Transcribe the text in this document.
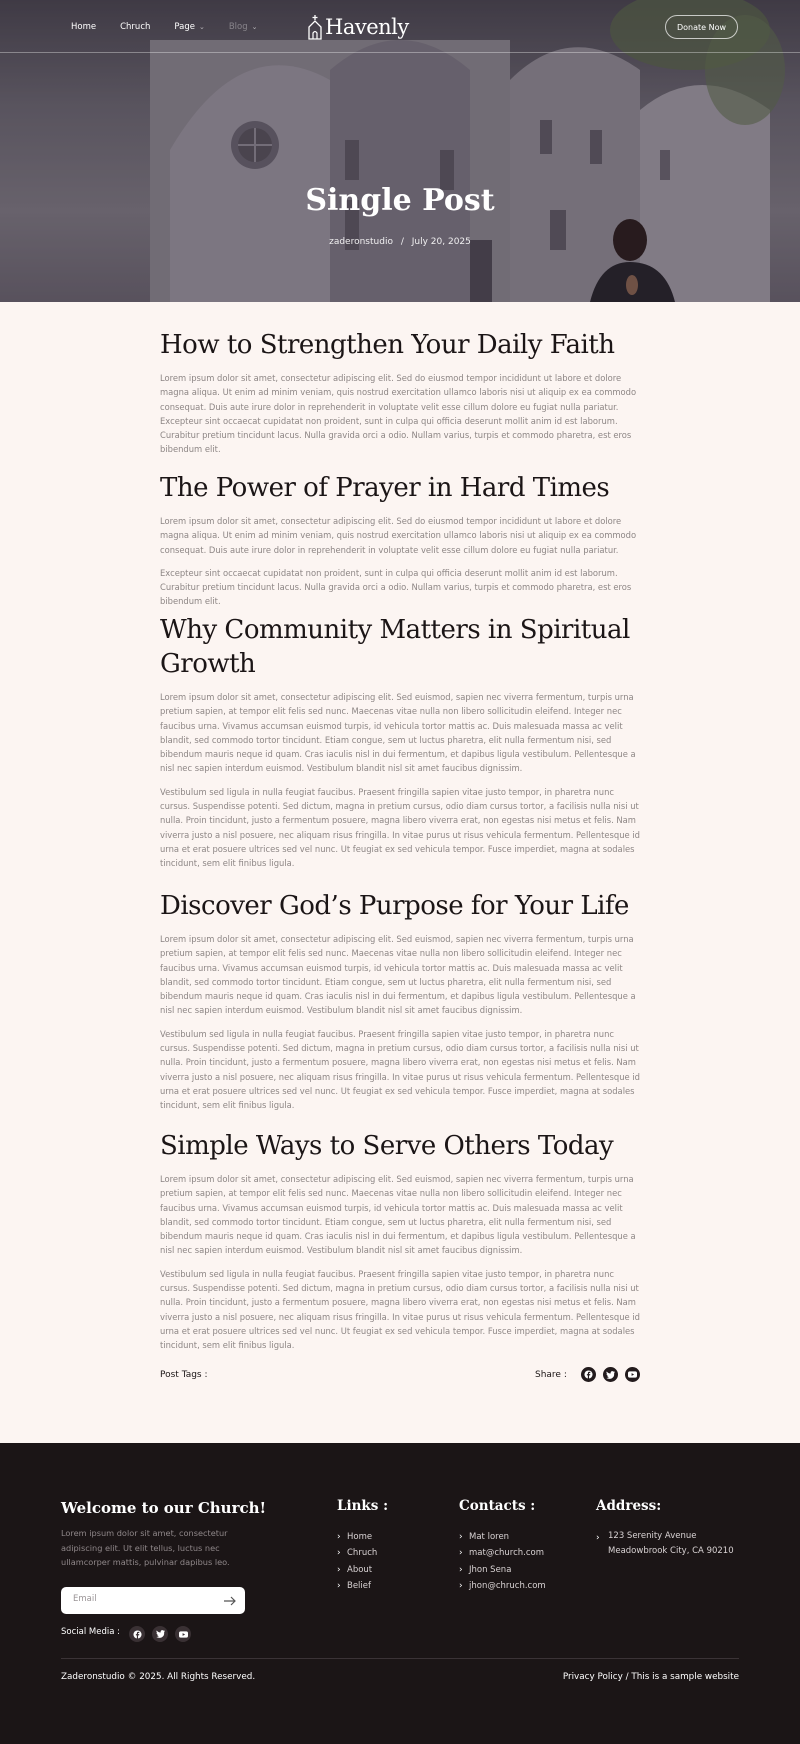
Home	Chruch	Page ⌄	Blog ⌄	Havenly	Donate Now
Single Post
zaderonstudio / July 20, 2025
How to Strengthen Your Daily Faith

Lorem ipsum dolor sit amet, consectetur adipiscing elit. Sed do eiusmod tempor incididunt ut labore et dolore magna aliqua. Ut enim ad minim veniam, quis nostrud exercitation ullamco laboris nisi ut aliquip ex ea commodo consequat. Duis aute irure dolor in reprehenderit in voluptate velit esse cillum dolore eu fugiat nulla pariatur. Excepteur sint occaecat cupidatat non proident, sunt in culpa qui officia deserunt mollit anim id est laborum. Curabitur pretium tincidunt lacus. Nulla gravida orci a odio. Nullam varius, turpis et commodo pharetra, est eros bibendum elit.

The Power of Prayer in Hard Times

Lorem ipsum dolor sit amet, consectetur adipiscing elit. Sed do eiusmod tempor incididunt ut labore et dolore magna aliqua. Ut enim ad minim veniam, quis nostrud exercitation ullamco laboris nisi ut aliquip ex ea commodo consequat. Duis aute irure dolor in reprehenderit in voluptate velit esse cillum dolore eu fugiat nulla pariatur.

Excepteur sint occaecat cupidatat non proident, sunt in culpa qui officia deserunt mollit anim id est laborum. Curabitur pretium tincidunt lacus. Nulla gravida orci a odio. Nullam varius, turpis et commodo pharetra, est eros bibendum elit.

Why Community Matters in Spiritual Growth

Lorem ipsum dolor sit amet, consectetur adipiscing elit. Sed euismod, sapien nec viverra fermentum, turpis urna pretium sapien, at tempor elit felis sed nunc. Maecenas vitae nulla non libero sollicitudin eleifend. Integer nec faucibus urna. Vivamus accumsan euismod turpis, id vehicula tortor mattis ac. Duis malesuada massa ac velit blandit, sed commodo tortor tincidunt. Etiam congue, sem ut luctus pharetra, elit nulla fermentum nisi, sed bibendum mauris neque id quam. Cras iaculis nisl in dui fermentum, et dapibus ligula vestibulum. Pellentesque a nisl nec sapien interdum euismod. Vestibulum blandit nisl sit amet faucibus dignissim.

Vestibulum sed ligula in nulla feugiat faucibus. Praesent fringilla sapien vitae justo tempor, in pharetra nunc cursus. Suspendisse potenti. Sed dictum, magna in pretium cursus, odio diam cursus tortor, a facilisis nulla nisi ut nulla. Proin tincidunt, justo a fermentum posuere, magna libero viverra erat, non egestas nisi metus et felis. Nam viverra justo a nisl posuere, nec aliquam risus fringilla. In vitae purus ut risus vehicula fermentum. Pellentesque id urna et erat posuere ultrices sed vel nunc. Ut feugiat ex sed vehicula tempor. Fusce imperdiet, magna at sodales tincidunt, sem elit finibus ligula.

Discover God’s Purpose for Your Life

Lorem ipsum dolor sit amet, consectetur adipiscing elit. Sed euismod, sapien nec viverra fermentum, turpis urna pretium sapien, at tempor elit felis sed nunc. Maecenas vitae nulla non libero sollicitudin eleifend. Integer nec faucibus urna. Vivamus accumsan euismod turpis, id vehicula tortor mattis ac. Duis malesuada massa ac velit blandit, sed commodo tortor tincidunt. Etiam congue, sem ut luctus pharetra, elit nulla fermentum nisi, sed bibendum mauris neque id quam. Cras iaculis nisl in dui fermentum, et dapibus ligula vestibulum. Pellentesque a nisl nec sapien interdum euismod. Vestibulum blandit nisl sit amet faucibus dignissim.

Vestibulum sed ligula in nulla feugiat faucibus. Praesent fringilla sapien vitae justo tempor, in pharetra nunc cursus. Suspendisse potenti. Sed dictum, magna in pretium cursus, odio diam cursus tortor, a facilisis nulla nisi ut nulla. Proin tincidunt, justo a fermentum posuere, magna libero viverra erat, non egestas nisi metus et felis. Nam viverra justo a nisl posuere, nec aliquam risus fringilla. In vitae purus ut risus vehicula fermentum. Pellentesque id urna et erat posuere ultrices sed vel nunc. Ut feugiat ex sed vehicula tempor. Fusce imperdiet, magna at sodales tincidunt, sem elit finibus ligula.

Simple Ways to Serve Others Today

Lorem ipsum dolor sit amet, consectetur adipiscing elit. Sed euismod, sapien nec viverra fermentum, turpis urna pretium sapien, at tempor elit felis sed nunc. Maecenas vitae nulla non libero sollicitudin eleifend. Integer nec faucibus urna. Vivamus accumsan euismod turpis, id vehicula tortor mattis ac. Duis malesuada massa ac velit blandit, sed commodo tortor tincidunt. Etiam congue, sem ut luctus pharetra, elit nulla fermentum nisi, sed bibendum mauris neque id quam. Cras iaculis nisl in dui fermentum, et dapibus ligula vestibulum. Pellentesque a nisl nec sapien interdum euismod. Vestibulum blandit nisl sit amet faucibus dignissim.

Vestibulum sed ligula in nulla feugiat faucibus. Praesent fringilla sapien vitae justo tempor, in pharetra nunc cursus. Suspendisse potenti. Sed dictum, magna in pretium cursus, odio diam cursus tortor, a facilisis nulla nisi ut nulla. Proin tincidunt, justo a fermentum posuere, magna libero viverra erat, non egestas nisi metus et felis. Nam viverra justo a nisl posuere, nec aliquam risus fringilla. In vitae purus ut risus vehicula fermentum. Pellentesque id urna et erat posuere ultrices sed vel nunc. Ut feugiat ex sed vehicula tempor. Fusce imperdiet, magna at sodales tincidunt, sem elit finibus ligula.

Post Tags :	Share :
Welcome to our Church!

Lorem ipsum dolor sit amet, consectetur adipiscing elit. Ut elit tellus, luctus nec ullamcorper mattis, pulvinar dapibus leo.

Email
Social Media :
Links :
› Home
› Chruch
› About
› Belief
Contacts :
› Mat loren
› mat@church.com
› Jhon Sena
› jhon@chruch.com
Address:
› 123 Serenity Avenue
Meadowbrook City, CA 90210
Zaderonstudio © 2025. All Rights Reserved.	Privacy Policy / This is a sample website
